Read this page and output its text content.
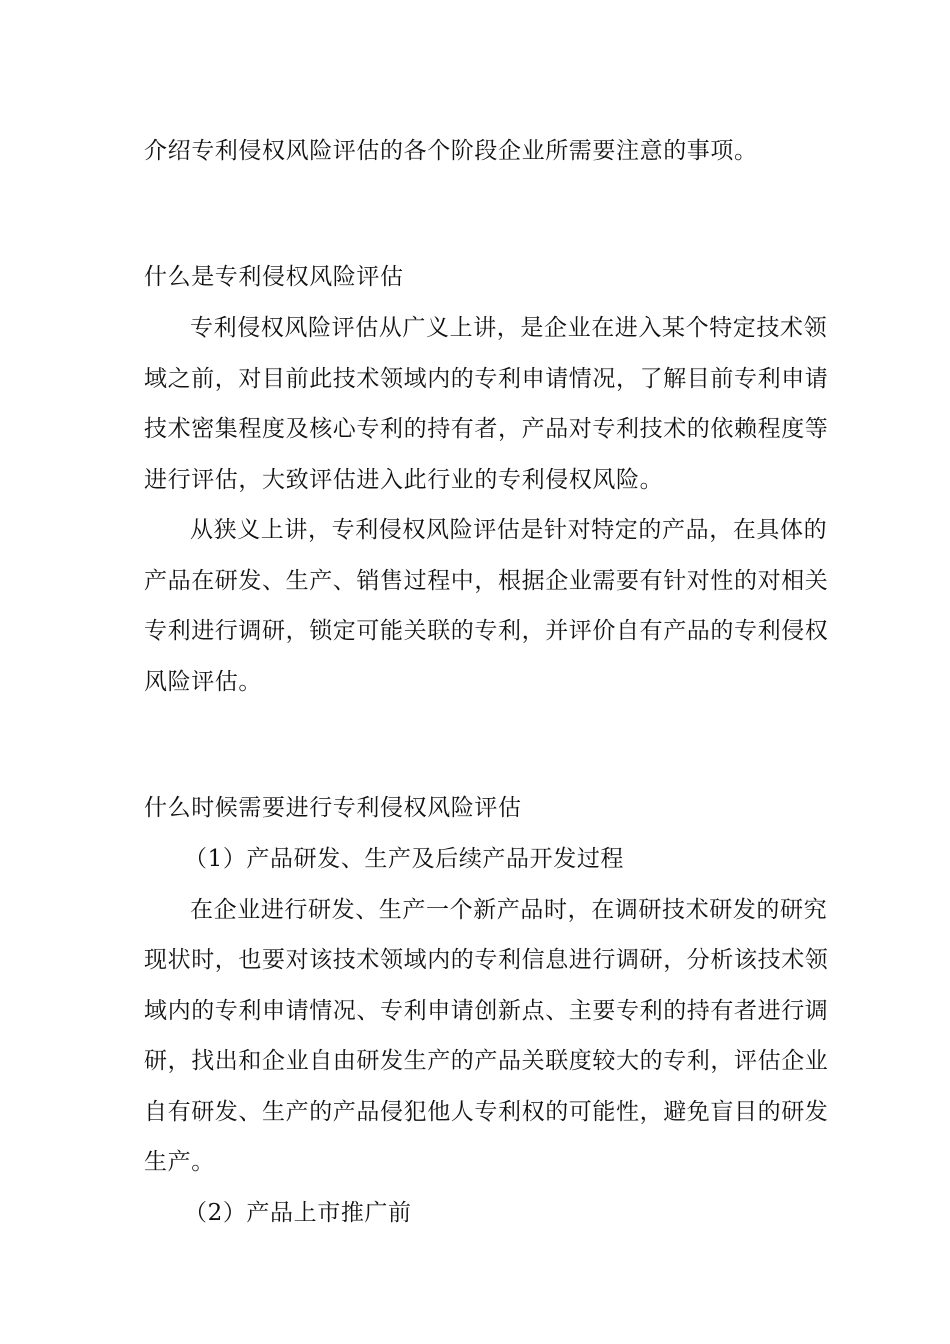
介绍专利侵权风险评估的各个阶段企业所需要注意的事项。
什么是专利侵权风险评估
专利侵权风险评估从广义上讲，是企业在进入某个特定技术领
域之前，对目前此技术领域内的专利申请情况，了解目前专利申请
技术密集程度及核心专利的持有者，产品对专利技术的依赖程度等
进行评估，大致评估进入此行业的专利侵权风险。
从狭义上讲，专利侵权风险评估是针对特定的产品，在具体的
产品在研发、生产、销售过程中，根据企业需要有针对性的对相关
专利进行调研，锁定可能关联的专利，并评价自有产品的专利侵权
风险评估。
什么时候需要进行专利侵权风险评估
（1）产品研发、生产及后续产品开发过程
在企业进行研发、生产一个新产品时，在调研技术研发的研究
现状时，也要对该技术领域内的专利信息进行调研，分析该技术领
域内的专利申请情况、专利申请创新点、主要专利的持有者进行调
研，找出和企业自由研发生产的产品关联度较大的专利，评估企业
自有研发、生产的产品侵犯他人专利权的可能性，避免盲目的研发
生产。
（2）产品上市推广前
